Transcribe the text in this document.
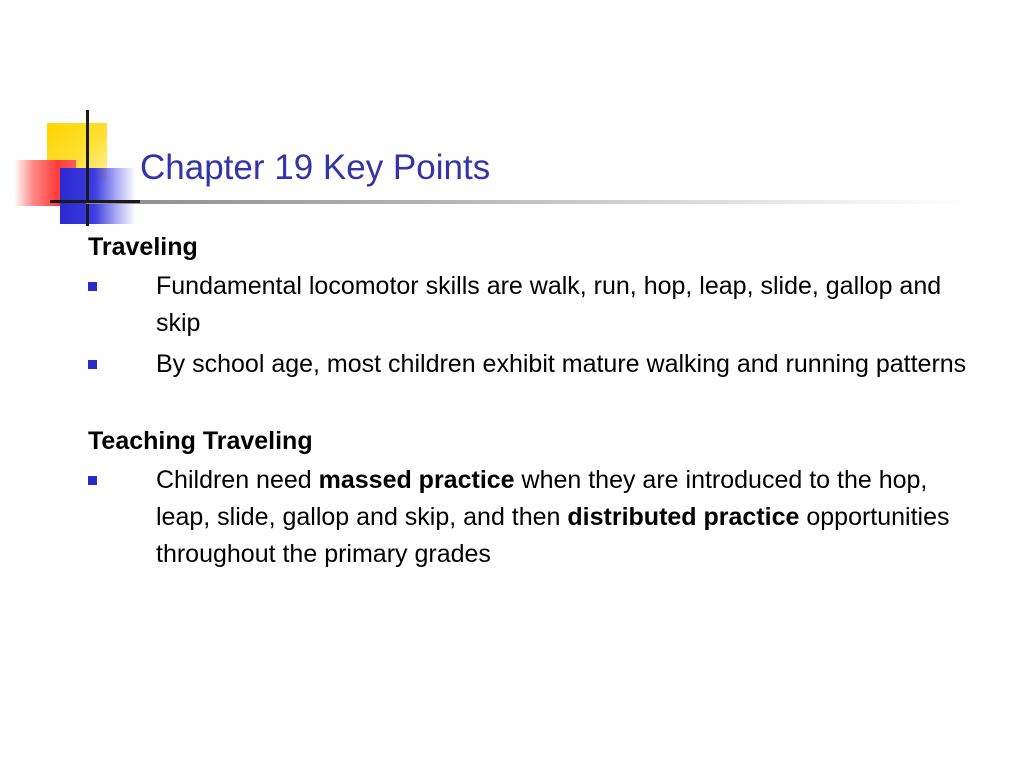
Chapter 19 Key Points

Traveling

Fundamental locomotor skills are walk, run, hop, leap, slide, gallop and skip
By school age, most children exhibit mature walking and running patterns

Teaching Traveling

Children need massed practice when they are introduced to the hop, leap, slide, gallop and skip, and then distributed practice opportunities throughout the primary grades
